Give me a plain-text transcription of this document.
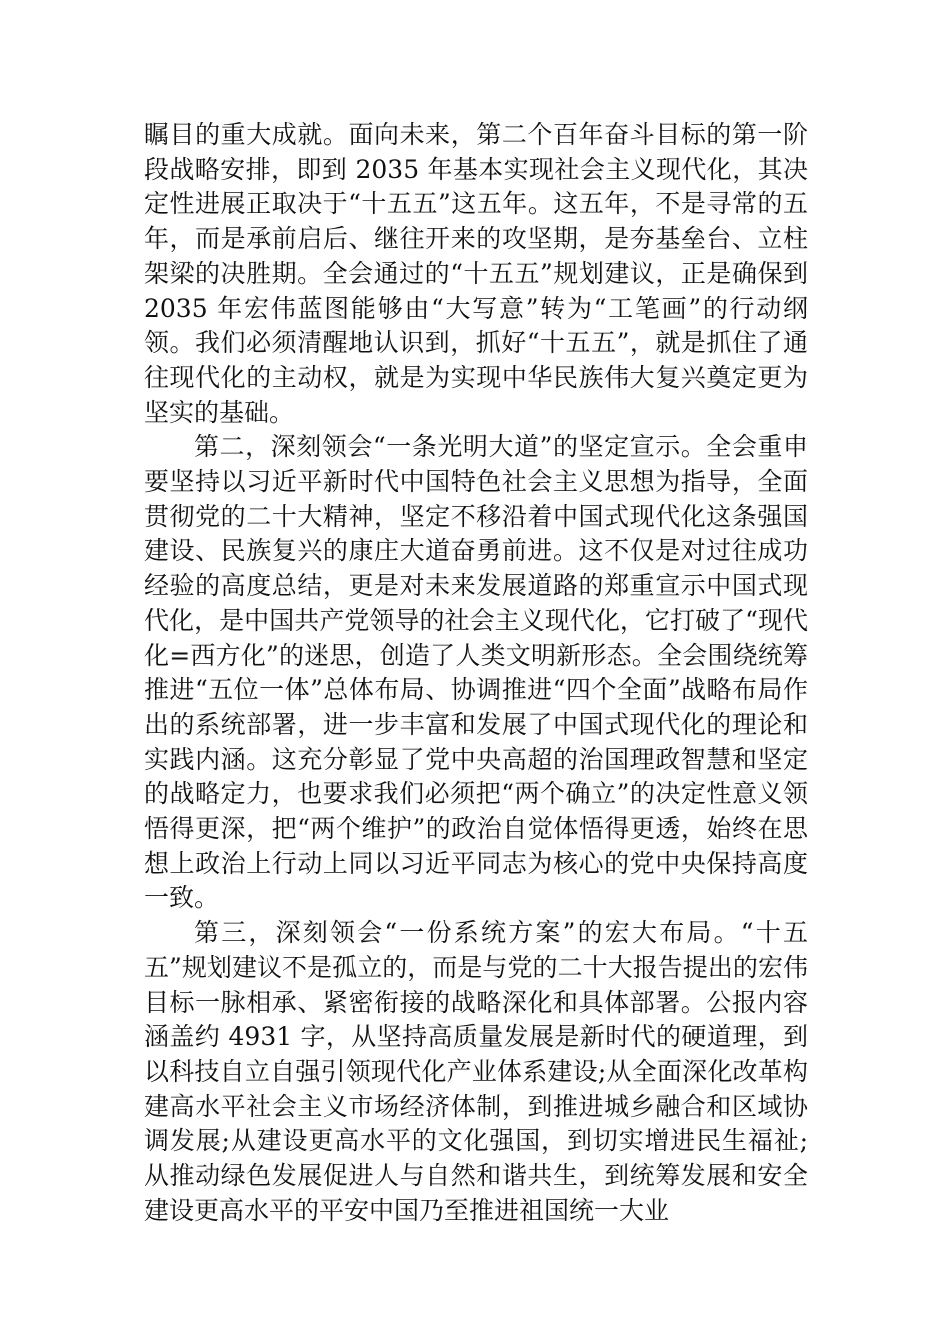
瞩目的重大成就。面向未来，第二个百年奋斗目标的第一阶段战略安排，即到 2035 年基本实现社会主义现代化，其决定性进展正取决于“十五五”这五年。这五年，不是寻常的五年，而是承前启后、继往开来的攻坚期，是夯基垒台、立柱架梁的决胜期。全会通过的“十五五”规划建议，正是确保到 2035 年宏伟蓝图能够由“大写意”转为“工笔画”的行动纲领。我们必须清醒地认识到，抓好“十五五”，就是抓住了通往现代化的主动权，就是为实现中华民族伟大复兴奠定更为坚实的基础。

第二，深刻领会“一条光明大道”的坚定宣示。全会重申要坚持以习近平新时代中国特色社会主义思想为指导，全面贯彻党的二十大精神，坚定不移沿着中国式现代化这条强国建设、民族复兴的康庄大道奋勇前进。这不仅是对过往成功经验的高度总结，更是对未来发展道路的郑重宣示中国式现代化，是中国共产党领导的社会主义现代化，它打破了“现代化=西方化”的迷思，创造了人类文明新形态。全会围绕统筹推进“五位一体”总体布局、协调推进“四个全面”战略布局作出的系统部署，进一步丰富和发展了中国式现代化的理论和实践内涵。这充分彰显了党中央高超的治国理政智慧和坚定的战略定力，也要求我们必须把“两个确立”的决定性意义领悟得更深，把“两个维护”的政治自觉体悟得更透，始终在思想上政治上行动上同以习近平同志为核心的党中央保持高度一致。

第三，深刻领会“一份系统方案”的宏大布局。“十五五”规划建议不是孤立的，而是与党的二十大报告提出的宏伟目标一脉相承、紧密衔接的战略深化和具体部署。公报内容涵盖约 4931 字，从坚持高质量发展是新时代的硬道理，到以科技自立自强引领现代化产业体系建设;从全面深化改革构建高水平社会主义市场经济体制，到推进城乡融合和区域协调发展;从建设更高水平的文化强国，到切实增进民生福祉;从推动绿色发展促进人与自然和谐共生，到统筹发展和安全建设更高水平的平安中国乃至推进祖国统一大业
